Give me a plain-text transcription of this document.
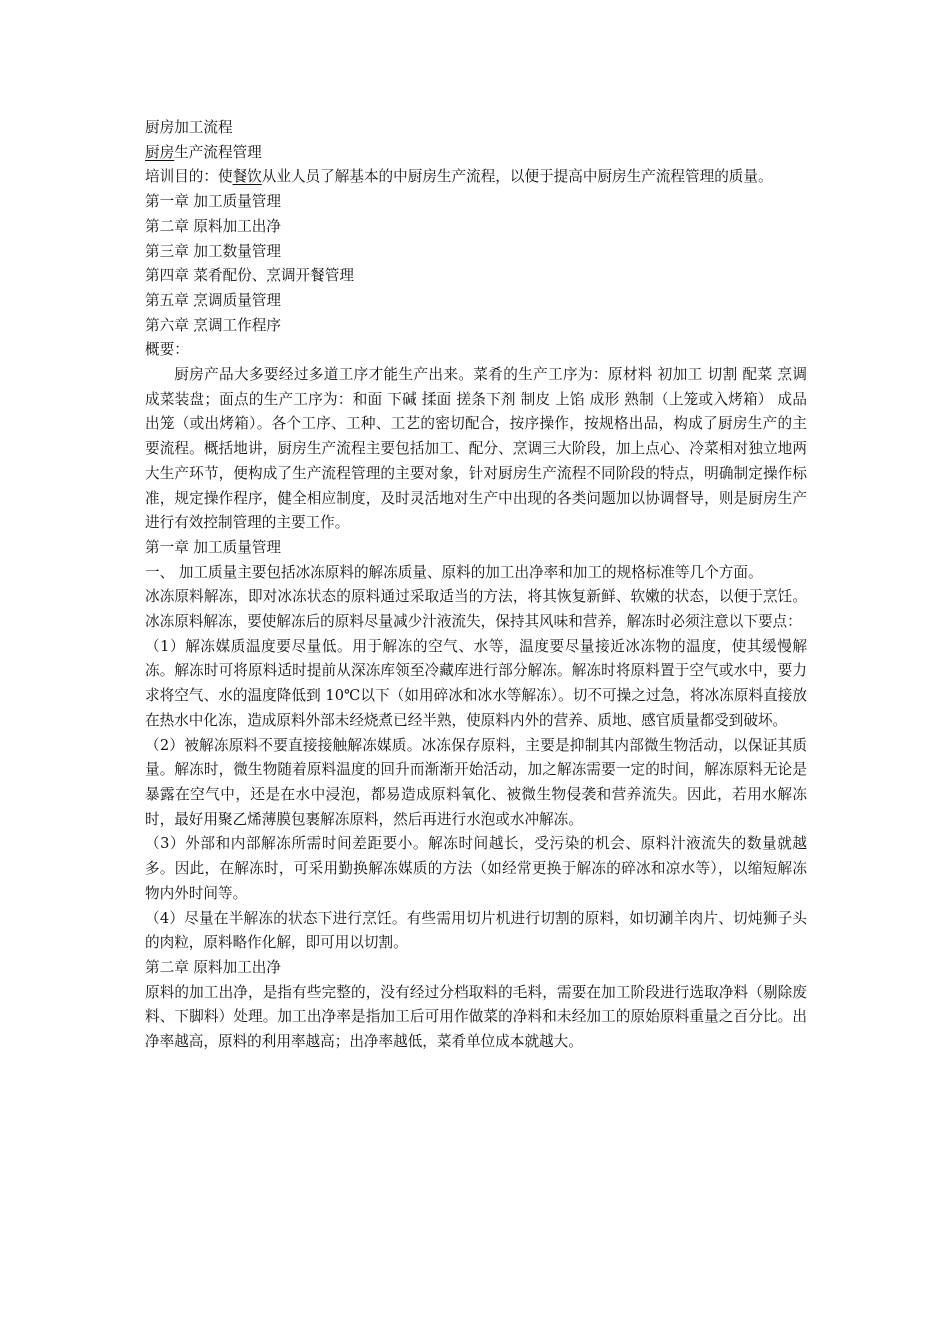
厨房加工流程

厨房生产流程管理

培训目的：使餐饮从业人员了解基本的中厨房生产流程，以便于提高中厨房生产流程管理的质量。

第一章 加工质量管理

第二章 原料加工出净

第三章 加工数量管理

第四章 菜肴配份、烹调开餐管理

第五章 烹调质量管理

第六章 烹调工作程序

概要：

厨房产品大多要经过多道工序才能生产出来。菜肴的生产工序为：原材料 初加工 切割 配菜 烹调 成菜装盘；面点的生产工序为：和面 下碱 揉面 搓条下剂 制皮 上馅 成形 熟制（上笼或入烤箱） 成品出笼（或出烤箱）。各个工序、工种、工艺的密切配合，按序操作，按规格出品，构成了厨房生产的主要流程。概括地讲，厨房生产流程主要包括加工、配分、烹调三大阶段，加上点心、冷菜相对独立地两大生产环节，便构成了生产流程管理的主要对象，针对厨房生产流程不同阶段的特点，明确制定操作标准，规定操作程序，健全相应制度，及时灵活地对生产中出现的各类问题加以协调督导，则是厨房生产进行有效控制管理的主要工作。

第一章 加工质量管理

一、 加工质量主要包括冰冻原料的解冻质量、原料的加工出净率和加工的规格标准等几个方面。

冰冻原料解冻，即对冰冻状态的原料通过采取适当的方法，将其恢复新鲜、软嫩的状态，以便于烹饪。冰冻原料解冻，要使解冻后的原料尽量减少汁液流失，保持其风味和营养，解冻时必须注意以下要点：

（1）解冻媒质温度要尽量低。用于解冻的空气、水等，温度要尽量接近冰冻物的温度，使其缓慢解冻。解冻时可将原料适时提前从深冻库领至冷藏库进行部分解冻。解冻时将原料置于空气或水中，要力求将空气、水的温度降低到 10℃以下（如用碎冰和冰水等解冻）。切不可操之过急，将冰冻原料直接放在热水中化冻，造成原料外部未经烧煮已经半熟，使原料内外的营养、质地、感官质量都受到破坏。

（2）被解冻原料不要直接接触解冻媒质。冰冻保存原料，主要是抑制其内部微生物活动，以保证其质量。解冻时，微生物随着原料温度的回升而渐渐开始活动，加之解冻需要一定的时间，解冻原料无论是暴露在空气中，还是在水中浸泡，都易造成原料氧化、被微生物侵袭和营养流失。因此，若用水解冻时，最好用聚乙烯薄膜包裹解冻原料，然后再进行水泡或水冲解冻。

（3）外部和内部解冻所需时间差距要小。解冻时间越长，受污染的机会、原料汁液流失的数量就越多。因此，在解冻时，可采用勤换解冻媒质的方法（如经常更换于解冻的碎冰和凉水等），以缩短解冻物内外时间等。

（4）尽量在半解冻的状态下进行烹饪。有些需用切片机进行切割的原料，如切涮羊肉片、切炖狮子头的肉粒，原料略作化解，即可用以切割。

第二章 原料加工出净

原料的加工出净，是指有些完整的，没有经过分档取料的毛料，需要在加工阶段进行选取净料（剔除废料、下脚料）处理。加工出净率是指加工后可用作做菜的净料和未经加工的原始原料重量之百分比。出净率越高，原料的利用率越高；出净率越低，菜肴单位成本就越大。
